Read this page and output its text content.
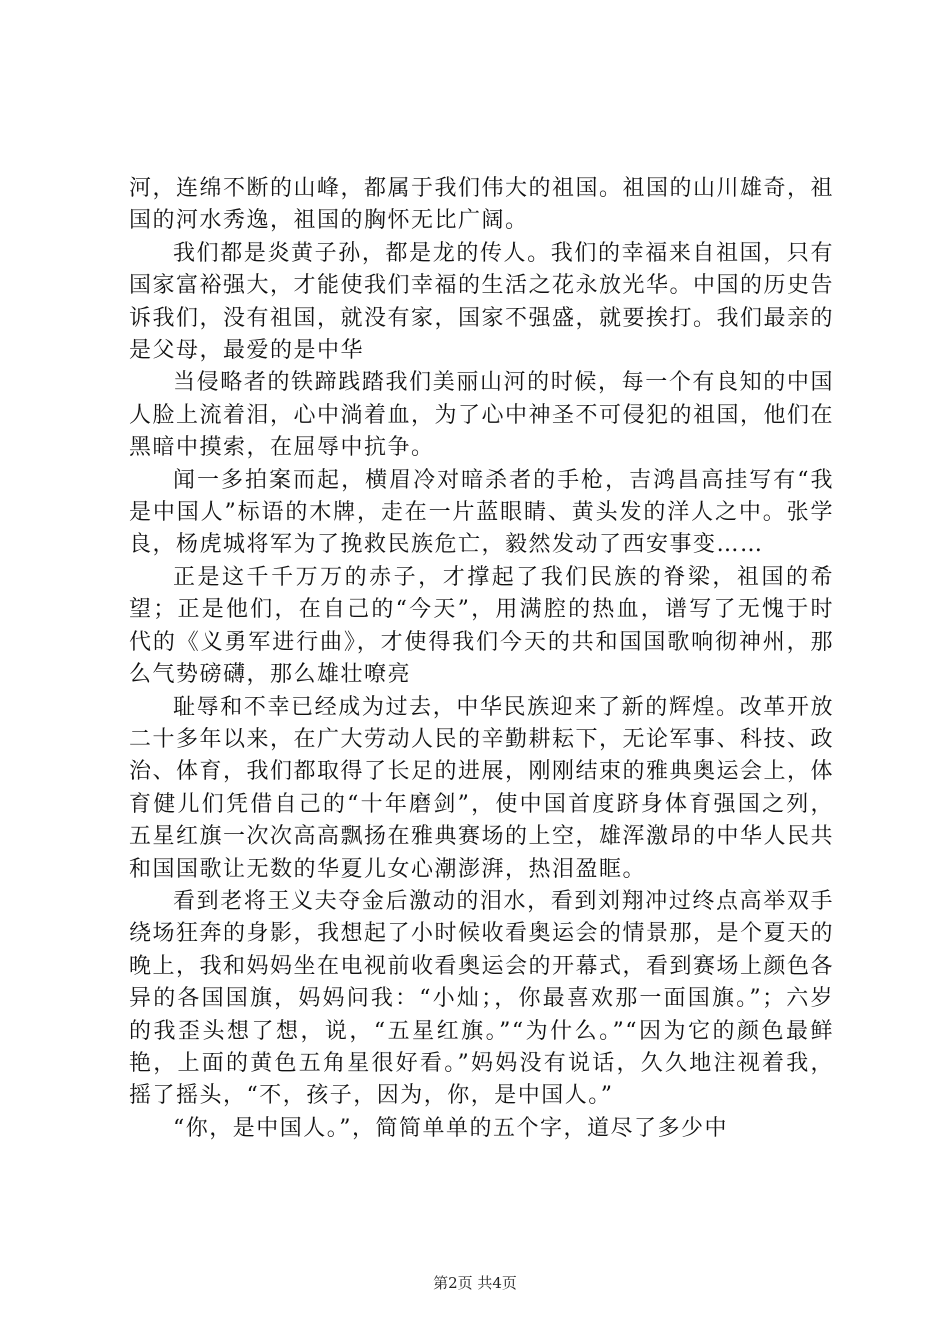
河，连绵不断的山峰，都属于我们伟大的祖国。祖国的山川雄奇，祖国的河水秀逸，祖国的胸怀无比广阔。

我们都是炎黄子孙，都是龙的传人。我们的幸福来自祖国，只有国家富裕强大，才能使我们幸福的生活之花永放光华。中国的历史告诉我们，没有祖国，就没有家，国家不强盛，就要挨打。我们最亲的是父母，最爱的是中华

当侵略者的铁蹄践踏我们美丽山河的时候，每一个有良知的中国人脸上流着泪，心中淌着血，为了心中神圣不可侵犯的祖国，他们在黑暗中摸索，在屈辱中抗争。

闻一多拍案而起，横眉冷对暗杀者的手枪，吉鸿昌高挂写有“我是中国人”标语的木牌，走在一片蓝眼睛、黄头发的洋人之中。张学良，杨虎城将军为了挽救民族危亡，毅然发动了西安事变……

正是这千千万万的赤子，才撑起了我们民族的脊梁，祖国的希望；正是他们，在自己的“今天”，用满腔的热血，谱写了无愧于时代的《义勇军进行曲》，才使得我们今天的共和国国歌响彻神州，那么气势磅礴，那么雄壮嘹亮

耻辱和不幸已经成为过去，中华民族迎来了新的辉煌。改革开放二十多年以来，在广大劳动人民的辛勤耕耘下，无论军事、科技、政治、体育，我们都取得了长足的进展，刚刚结束的雅典奥运会上，体育健儿们凭借自己的“十年磨剑”，使中国首度跻身体育强国之列，五星红旗一次次高高飘扬在雅典赛场的上空，雄浑激昂的中华人民共和国国歌让无数的华夏儿女心潮澎湃，热泪盈眶。

看到老将王义夫夺金后激动的泪水，看到刘翔冲过终点高举双手绕场狂奔的身影，我想起了小时候收看奥运会的情景那，是个夏天的晚上，我和妈妈坐在电视前收看奥运会的开幕式，看到赛场上颜色各异的各国国旗，妈妈问我：“小灿；，你最喜欢那一面国旗。”；六岁的我歪头想了想，说，“五星红旗。”“为什么。”“因为它的颜色最鲜艳，上面的黄色五角星很好看。”妈妈没有说话，久久地注视着我，摇了摇头，“不，孩子，因为，你，是中国人。”

“你，是中国人。”，简简单单的五个字，道尽了多少中

第2页 共4页
